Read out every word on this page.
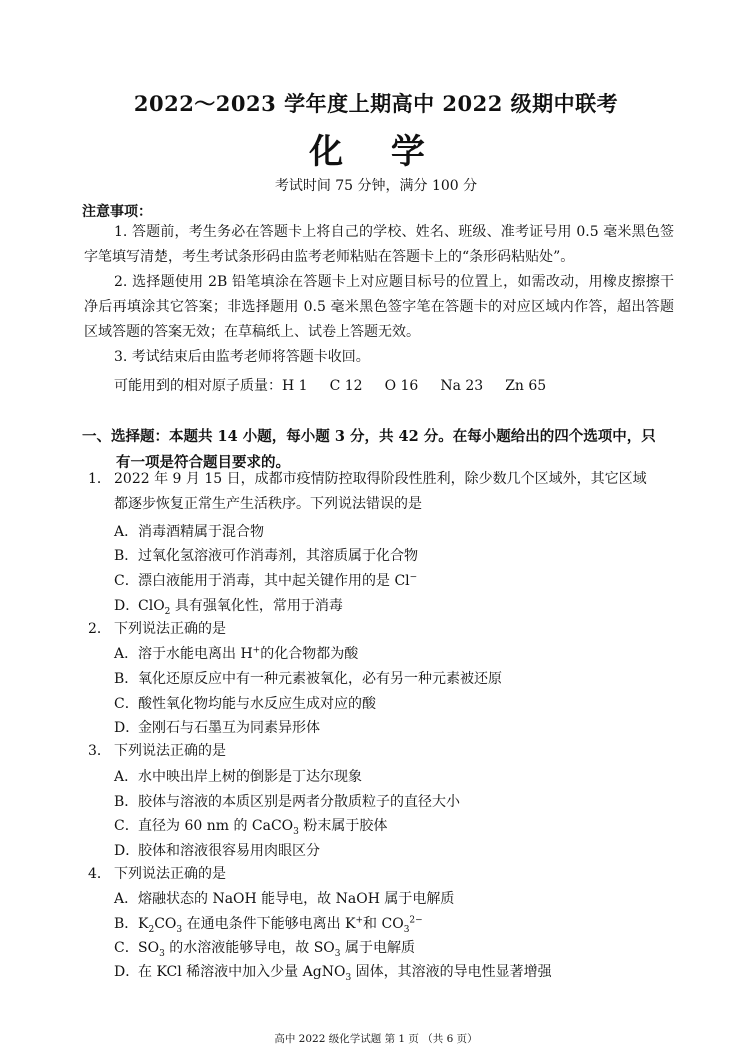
2022～2023 学年度上期高中 2022 级期中联考
化 学
考试时间 75 分钟，满分 100 分
注意事项：
1. 答题前，考生务必在答题卡上将自己的学校、姓名、班级、准考证号用 0.5 毫米黑色签字笔填写清楚，考生考试条形码由监考老师粘贴在答题卡上的“条形码粘贴处”。
2. 选择题使用 2B 铅笔填涂在答题卡上对应题目标号的位置上，如需改动，用橡皮擦擦干净后再填涂其它答案；非选择题用 0.5 毫米黑色签字笔在答题卡的对应区域内作答，超出答题区域答题的答案无效；在草稿纸上、试卷上答题无效。
3. 考试结束后由监考老师将答题卡收回。
可能用到的相对原子质量：H 1 C 12 O 16 Na 23 Zn 65
一、选择题：本题共 14 小题，每小题 3 分，共 42 分。在每小题给出的四个选项中，只
有一项是符合题目要求的。
1． 2022 年 9 月 15 日，成都市疫情防控取得阶段性胜利，除少数几个区域外，其它区域
都逐步恢复正常生产生活秩序。下列说法错误的是
A．消毒酒精属于混合物
B．过氧化氢溶液可作消毒剂，其溶质属于化合物
C．漂白液能用于消毒，其中起关键作用的是 Cl−
D．ClO$_2$ 具有强氧化性，常用于消毒
2． 下列说法正确的是
A．溶于水能电离出 H+的化合物都为酸
B．氧化还原反应中有一种元素被氧化，必有另一种元素被还原
C．酸性氧化物均能与水反应生成对应的酸
D．金刚石与石墨互为同素异形体
3． 下列说法正确的是
A．水中映出岸上树的倒影是丁达尔现象
B．胶体与溶液的本质区别是两者分散质粒子的直径大小
C．直径为 60 nm 的 CaCO$_3$ 粉末属于胶体
D．胶体和溶液很容易用肉眼区分
4． 下列说法正确的是
A．熔融状态的 NaOH 能导电，故 NaOH 属于电解质
B．$K_2CO_3$ 在通电条件下能够电离出 K+和 $CO_3^{2-}$
C．$SO_3$ 的水溶液能够导电，故 $SO_3$ 属于电解质
D．在 KCl 稀溶液中加入少量 AgNO$_3$ 固体，其溶液的导电性显著增强
高中 2022 级化学试题 第 1 页 （共 6 页）
